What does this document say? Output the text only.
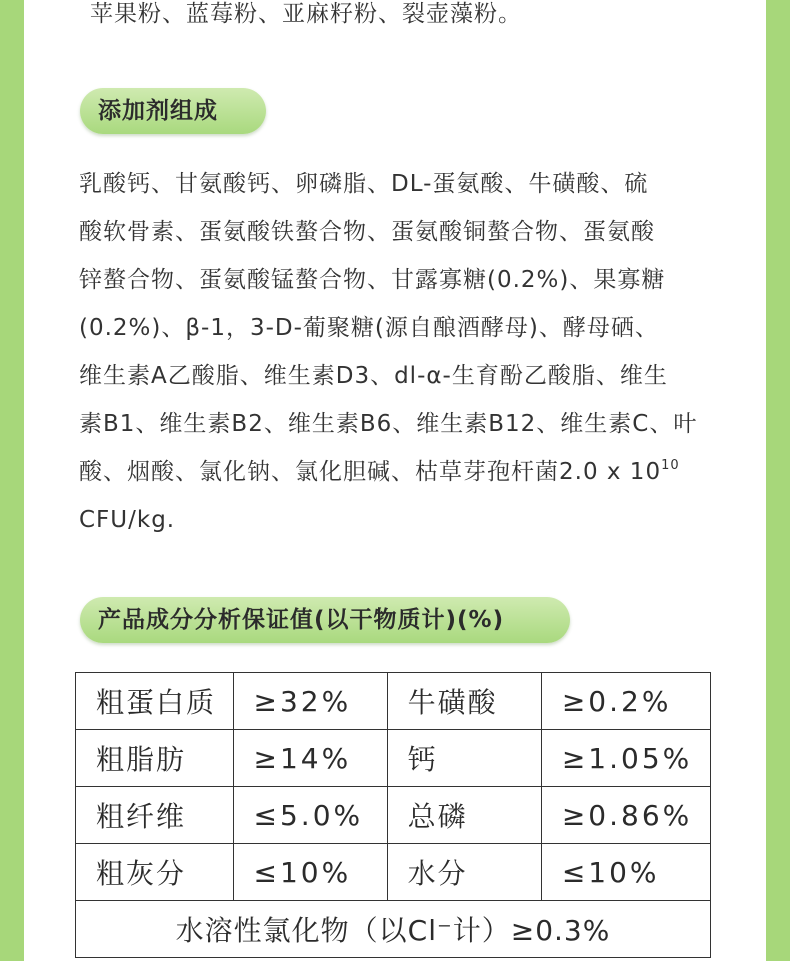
苹果粉、蓝莓粉、亚麻籽粉、裂壶藻粉。
添加剂组成
乳酸钙、甘氨酸钙、卵磷脂、DL-蛋氨酸、牛磺酸、硫
酸软骨素、蛋氨酸铁螯合物、蛋氨酸铜螯合物、蛋氨酸
锌螯合物、蛋氨酸锰螯合物、甘露寡糖(0.2%)、果寡糖
(0.2%)、β-1，3-D-葡聚糖(源自酿酒酵母)、酵母硒、
维生素A乙酸脂、维生素D3、dl-α-生育酚乙酸脂、维生
素B1、维生素B2、维生素B6、维生素B12、维生素C、叶
酸、烟酸、氯化钠、氯化胆碱、枯草芽孢杆菌2.0 x $10^{10}$
CFU/kg.
产品成分分析保证值(以干物质计)(%)
粗蛋白质	≥32%	牛磺酸	≥0.2%
粗脂肪	≥14%	钙	≥1.05%
粗纤维	≤5.0%	总磷	≥0.86%
粗灰分	≤10%	水分	≤10%
水溶性氯化物（以Cl⁻计）≥0.3%			
